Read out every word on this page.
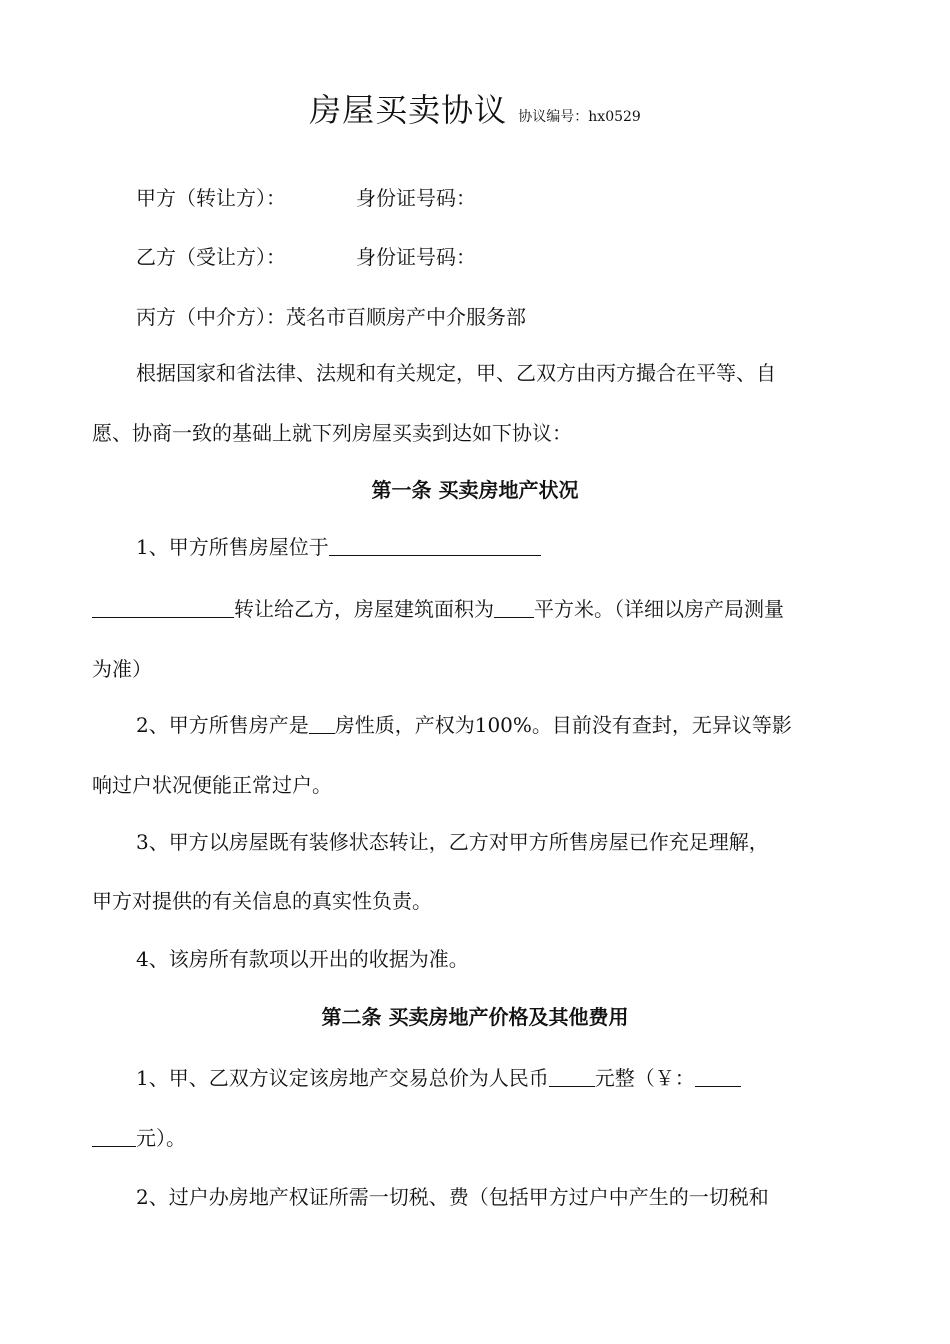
房屋买卖协议 协议编号：hx0529
甲方（转让方）：	身份证号码：
乙方（受让方）：	身份证号码：
丙方（中介方）：茂名市百顺房产中介服务部
根据国家和省法律、法规和有关规定，甲、乙双方由丙方撮合在平等、自
愿、协商一致的基础上就下列房屋买卖到达如下协议：
第一条 买卖房地产状况
1、甲方所售房屋位于
转让给乙方，房屋建筑面积为 平方米。（详细以房产局测量
为准）
2、甲方所售房产是 房性质，产权为100%。目前没有查封，无异议等影
响过户状况便能正常过户。
3、甲方以房屋既有装修状态转让，乙方对甲方所售房屋已作充足理解，
甲方对提供的有关信息的真实性负责。
4、该房所有款项以开出的收据为准。
第二条 买卖房地产价格及其他费用
1、甲、乙双方议定该房地产交易总价为人民币 元整（￥：
元）。
2、过户办房地产权证所需一切税、费（包括甲方过户中产生的一切税和
